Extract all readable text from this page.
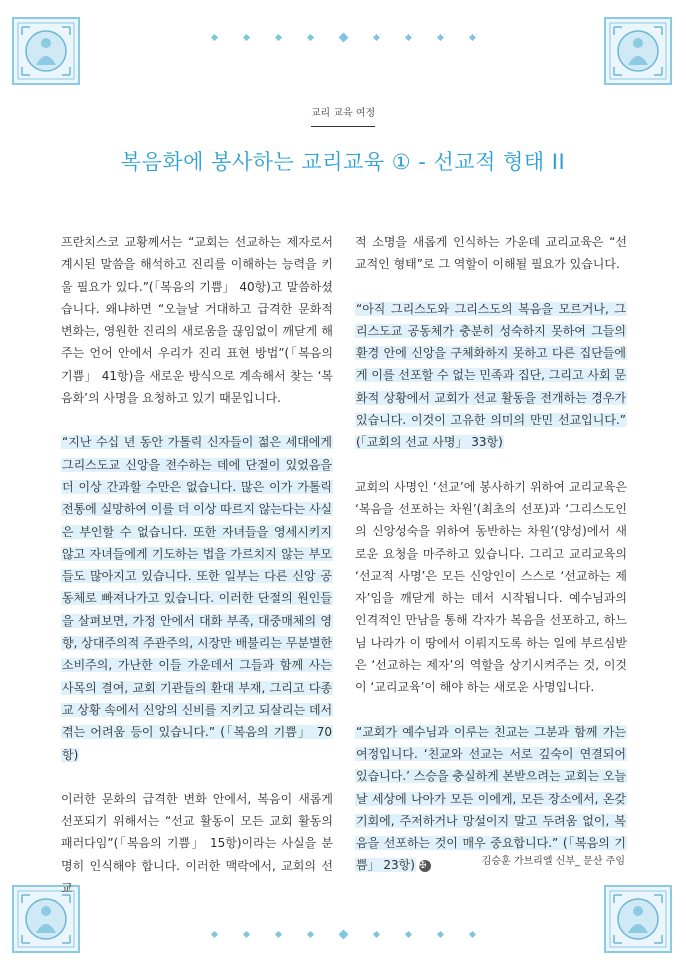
교리 교육 여정
복음화에 봉사하는 교리교육 ① - 선교적 형태 II

프란치스코 교황께서는 “교회는 선교하는 제자로서 계시된 말씀을 해석하고 진리를 이해하는 능력을 키울 필요가 있다.”(「복음의 기쁨」 40항)고 말씀하셨습니다. 왜냐하면 “오늘날 거대하고 급격한 문화적 변화는, 영원한 진리의 새로움을 끊임없이 깨닫게 해 주는 언어 안에서 우리가 진리 표현 방법”(「복음의 기쁨」 41항)을 새로운 방식으로 계속해서 찾는 ‘복음화’의 사명을 요청하고 있기 때문입니다.

“지난 수십 년 동안 가톨릭 신자들이 젊은 세대에게 그리스도교 신앙을 전수하는 데에 단절이 있었음을 더 이상 간과할 수만은 없습니다. 많은 이가 가톨릭 전통에 실망하여 이를 더 이상 따르지 않는다는 사실은 부인할 수 없습니다. 또한 자녀들을 영세시키지 않고 자녀들에게 기도하는 법을 가르치지 않는 부모들도 많아지고 있습니다. 또한 일부는 다른 신앙 공동체로 빠져나가고 있습니다. 이러한 단절의 원인들을 살펴보면, 가정 안에서 대화 부족, 대중매체의 영향, 상대주의적 주관주의, 시장만 배불리는 무분별한 소비주의, 가난한 이들 가운데서 그들과 함께 사는 사목의 결여, 교회 기관들의 환대 부재, 그리고 다종교 상황 속에서 신앙의 신비를 지키고 되살리는 데서 겪는 어려움 등이 있습니다.” (「복음의 기쁨」 70항)

이러한 문화의 급격한 변화 안에서, 복음이 새롭게 선포되기 위해서는 “선교 활동이 모든 교회 활동의 패러다임”(「복음의 기쁨」 15항)이라는 사실을 분명히 인식해야 합니다. 이러한 맥락에서, 교회의 선교

적 소명을 새롭게 인식하는 가운데 교리교육은 “선교적인 형태”로 그 역할이 이해될 필요가 있습니다.

“아직 그리스도와 그리스도의 복음을 모르거나, 그리스도교 공동체가 충분히 성숙하지 못하여 그들의 환경 안에 신앙을 구체화하지 못하고 다른 집단들에게 이를 선포할 수 없는 민족과 집단, 그리고 사회 문화적 상황에서 교회가 선교 활동을 전개하는 경우가 있습니다. 이것이 고유한 의미의 만민 선교입니다.” (「교회의 선교 사명」 33항)

교회의 사명인 ‘선교’에 봉사하기 위하여 교리교육은 ‘복음을 선포하는 차원’(최초의 선포)과 ‘그리스도인의 신앙성숙을 위하여 동반하는 차원’(양성)에서 새로운 요청을 마주하고 있습니다. 그리고 교리교육의 ‘선교적 사명’은 모든 신앙인이 스스로 ‘선교하는 제자’임을 깨닫게 하는 데서 시작됩니다. 예수님과의 인격적인 만남을 통해 각자가 복음을 선포하고, 하느님 나라가 이 땅에서 이뤄지도록 하는 일에 부르심받은 ‘선교하는 제자’의 역할을 상기시켜주는 것, 이것이 ‘교리교육’이 해야 하는 새로운 사명입니다.

“교회가 예수님과 이루는 친교는 그분과 함께 가는 여정입니다. ‘친교와 선교는 서로 깊숙이 연결되어 있습니다.’ 스승을 충실하게 본받으려는 교회는 오늘날 세상에 나아가 모든 이에게, 모든 장소에서, 온갖 기회에, 주저하거나 망설이지 말고 두려움 없이, 복음을 선포하는 것이 매우 중요합니다.” (「복음의 기쁨」 23항) ✠	김승훈 가브리엘 신부_ 문산 주임
